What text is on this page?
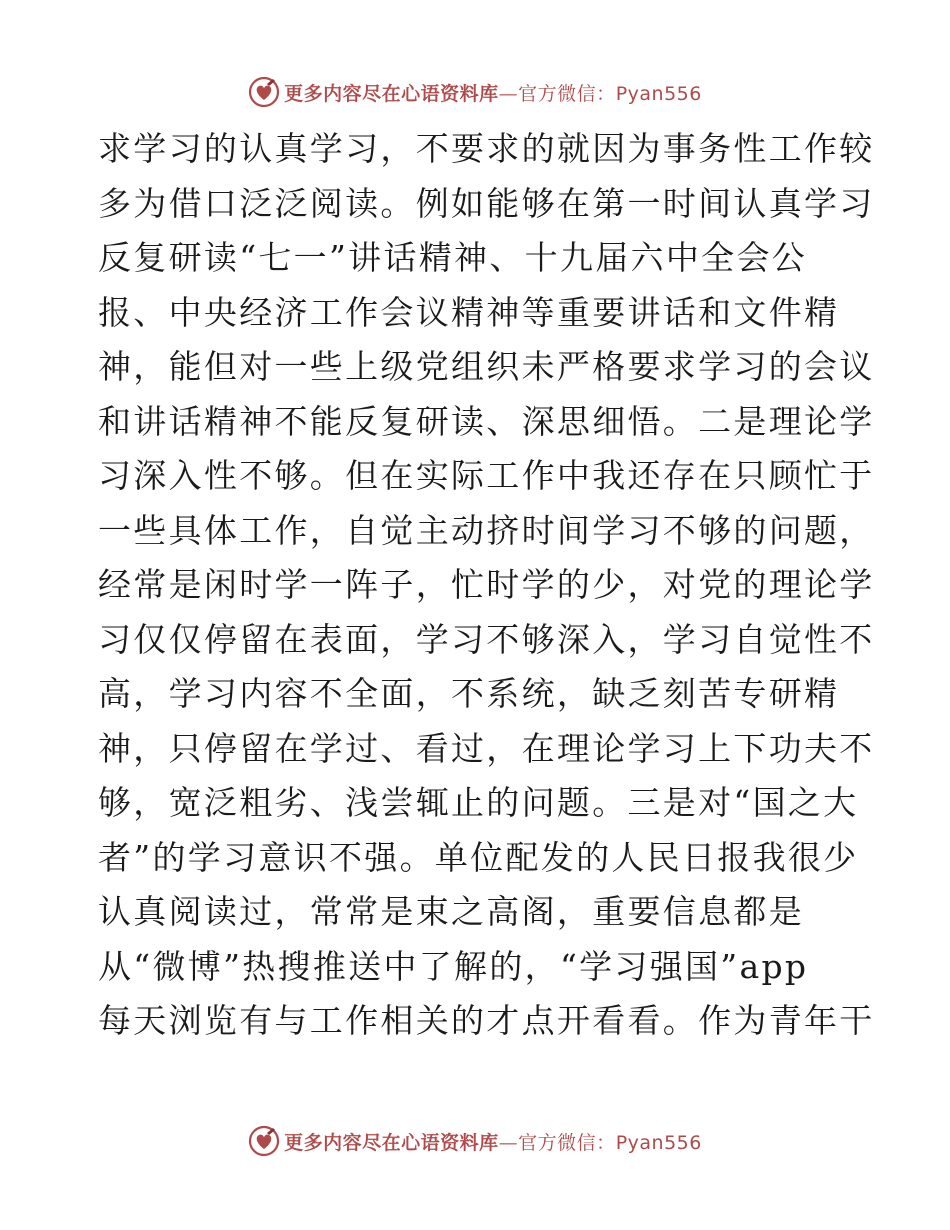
更多内容尽在心语资料库—官方微信：Pyan556
求学习的认真学习，不要求的就因为事务性工作较
多为借口泛泛阅读。例如能够在第一时间认真学习
反复研读“七一”讲话精神、十九届六中全会公
报、中央经济工作会议精神等重要讲话和文件精
神，能但对一些上级党组织未严格要求学习的会议
和讲话精神不能反复研读、深思细悟。二是理论学
习深入性不够。但在实际工作中我还存在只顾忙于
一些具体工作，自觉主动挤时间学习不够的问题，
经常是闲时学一阵子，忙时学的少，对党的理论学
习仅仅停留在表面，学习不够深入，学习自觉性不
高，学习内容不全面，不系统，缺乏刻苦专研精
神，只停留在学过、看过，在理论学习上下功夫不
够，宽泛粗劣、浅尝辄止的问题。三是对“国之大
者”的学习意识不强。单位配发的人民日报我很少
认真阅读过，常常是束之高阁，重要信息都是
从“微博”热搜推送中了解的，“学习强国”app
每天浏览有与工作相关的才点开看看。作为青年干
更多内容尽在心语资料库—官方微信：Pyan556
